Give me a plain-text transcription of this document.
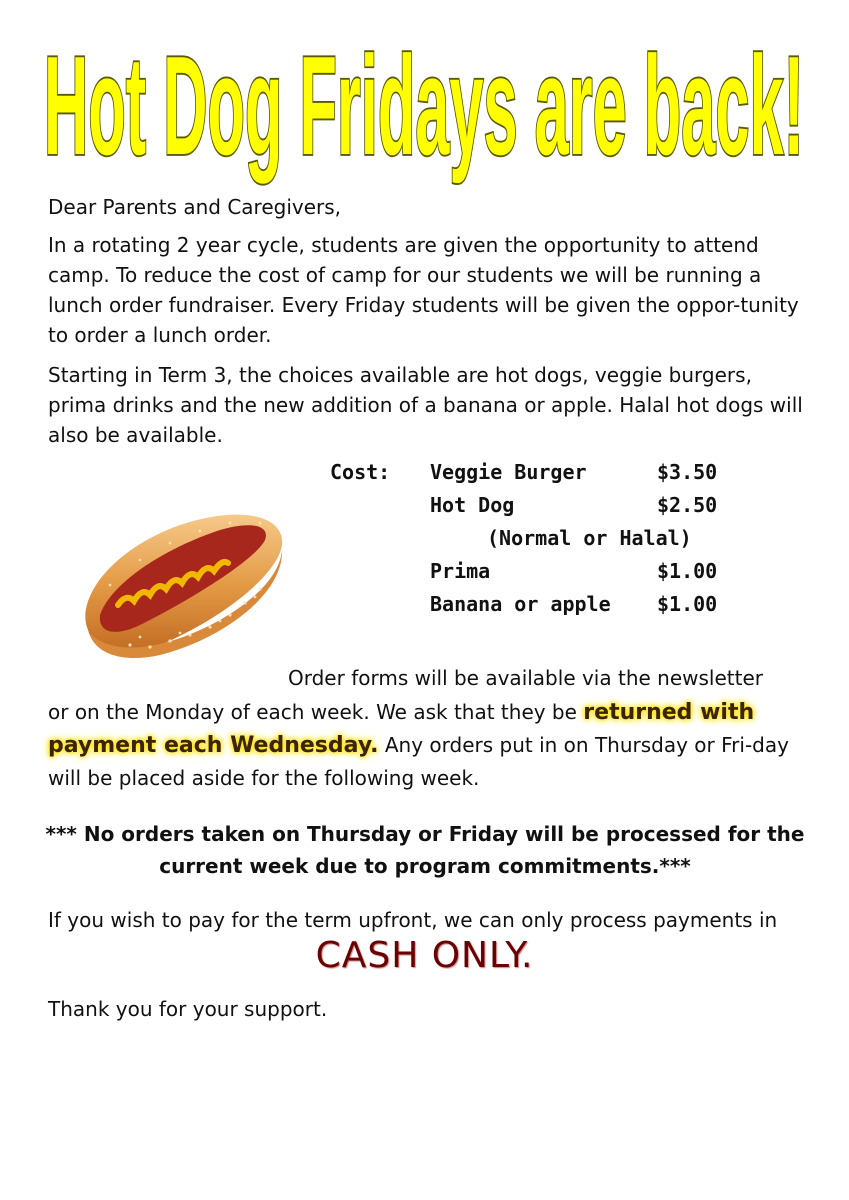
Hot Dog Fridays are back!

Dear Parents and Caregivers,

In a rotating 2 year cycle, students are given the opportunity to attend camp. To reduce the cost of camp for our students we will be running a lunch order fundraiser. Every Friday students will be given the oppor-tunity to order a lunch order.

Starting in Term 3, the choices available are hot dogs, veggie burgers, prima drinks and the new addition of a banana or apple. Halal hot dogs will also be available.

Cost: Veggie Burger	$3.50
Hot Dog	$2.50
(Normal or Halal)
Prima	$1.00
Banana or apple $1.00

Order forms will be available via the newsletter

or on the Monday of each week. We ask that they be returned with payment each Wednesday. Any orders put in on Thursday or Fri-day will be placed aside for the following week.

*** No orders taken on Thursday or Friday will be processed for the current week due to program commitments.***

If you wish to pay for the term upfront, we can only process payments in

CASH ONLY.

Thank you for your support.
